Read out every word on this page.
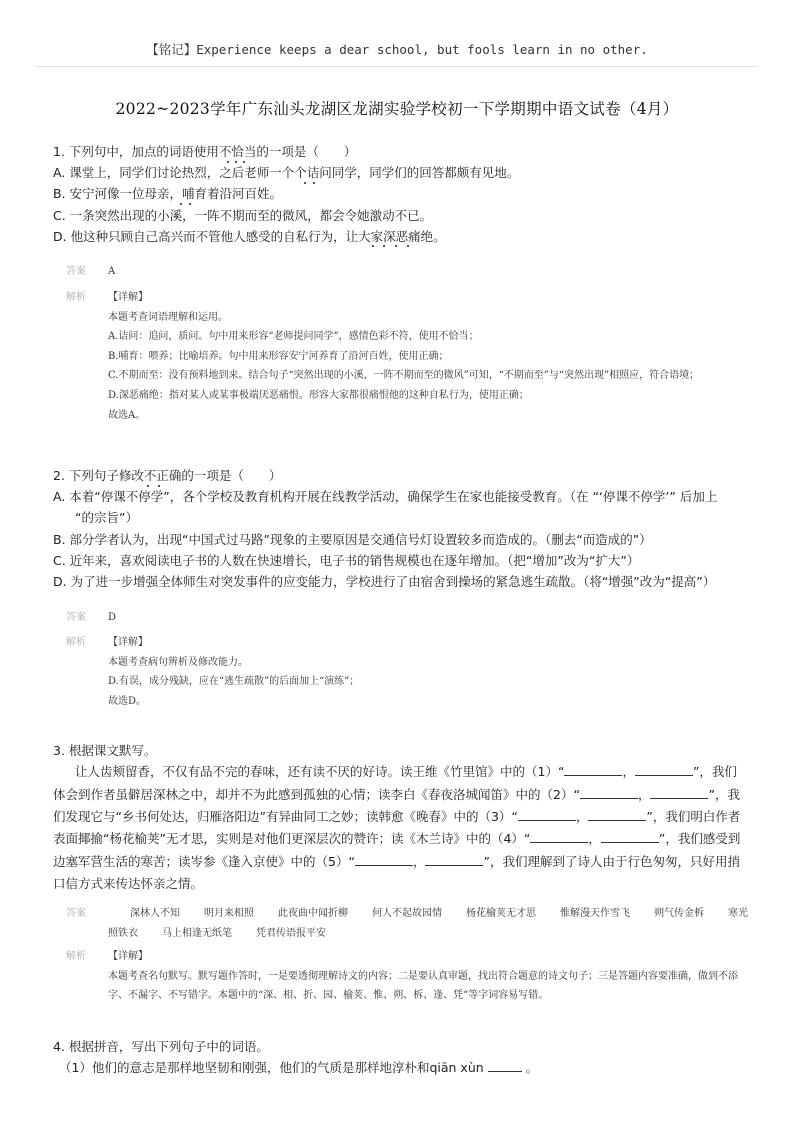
【铭记】Experience keeps a dear school, but fools learn in no other.
2022~2023学年广东汕头龙湖区龙湖实验学校初一下学期期中语文试卷（4月）
1. 下列句中，加点的词语使用不恰当的一项是（　　）
A. 课堂上，同学们讨论热烈，之后老师一个个诘问同学，同学们的回答都颇有见地。
B. 安宁河像一位母亲，哺育着沿河百姓。
C. 一条突然出现的小溪，一阵不期而至的微风，都会令她激动不已。
D. 他这种只顾自己高兴而不管他人感受的自私行为，让大家深恶痛绝。
答案 A
解析 【详解】
本题考查词语理解和运用。
A.诘问：追问，质问。句中用来形容“老师提问同学”，感情色彩不符，使用不恰当；
B.哺育：喂养；比喻培养。句中用来形容安宁河养育了沿河百姓，使用正确；
C.不期而至：没有预料地到来。结合句子“突然出现的小溪，一阵不期而至的微风”可知，“不期而至”与“突然出现”相照应，符合语境；
D.深恶痛绝：指对某人或某事极端厌恶痛恨。形容大家都很痛恨他的这种自私行为，使用正确；
故选A。
2. 下列句子修改不正确的一项是（　　）
A. 本着“停课不停学”，各个学校及教育机构开展在线教学活动，确保学生在家也能接受教育。（在 “‘停课不停学’” 后加上
“的宗旨”）
B. 部分学者认为，出现“中国式过马路”现象的主要原因是交通信号灯设置较多而造成的。（删去“而造成的”）
C. 近年来，喜欢阅读电子书的人数在快速增长，电子书的销售规模也在逐年增加。（把“增加”改为“扩大”）
D. 为了进一步增强全体师生对突发事件的应变能力，学校进行了由宿舍到操场的紧急逃生疏散。（将“增强”改为“提高”）
答案 D
解析 【详解】
本题考查病句辨析及修改能力。
D.有误，成分残缺，应在“逃生疏散”的后面加上“演练”；
故选D。
3. 根据课文默写。
让人齿颊留香，不仅有品不完的春味，还有读不厌的好诗。读王维《竹里馆》中的（1）“	，	”，我们体会到作者虽僻居深林之中，却并不为此感到孤独的心情；读李白《春夜洛城闻笛》中的（2）“	，	”，我们发现它与“乡书何处达，归雁洛阳边”有异曲同工之妙；读韩愈《晚春》中的（3）“	，	”，我们明白作者表面揶揄“杨花榆荚”无才思，实则是对他们更深层次的赞许；读《木兰诗》中的（4）“	，	”，我们感受到边塞军营生活的寒苦；读岑参《逢入京使》中的（5）“	，	”，我们理解到了诗人由于行色匆匆，只好用捎口信方式来传达怀亲之情。
答案	深林人不知 明月来相照 此夜曲中闻折柳 何人不起故园情 杨花榆荚无才思 惟解漫天作雪飞 朔气传金柝 寒光照铁衣 马上相逢无纸笔 凭君传语报平安
解析 【详解】
本题考查名句默写。默写题作答时，一是要透彻理解诗文的内容；二是要认真审题，找出符合题意的诗文句子；三是答题内容要准确，做到不添字、不漏字、不写错字。本题中的“深、相、折、园、榆荚、惟、朔、柝、逢、凭”等字词容易写错。
4. 根据拼音，写出下列句子中的词语。
（1）他们的意志是那样地坚韧和刚强，他们的气质是那样地淳朴和qiān xùn	。
